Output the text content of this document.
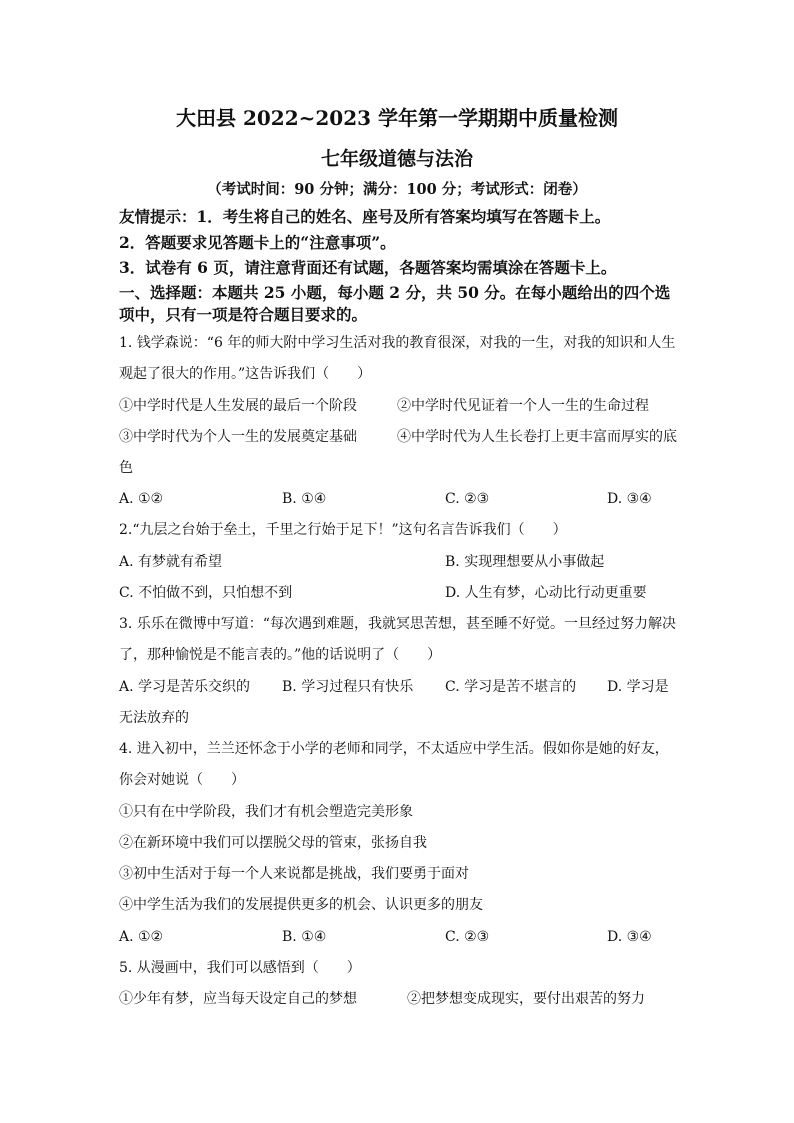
大田县 2022~2023 学年第一学期期中质量检测
七年级道德与法治
（考试时间：90 分钟；满分：100 分；考试形式：闭卷）
友情提示：1．考生将自己的姓名、座号及所有答案均填写在答题卡上。
2．答题要求见答题卡上的“注意事项”。
3．试卷有 6 页，请注意背面还有试题，各题答案均需填涂在答题卡上。
一、选择题：本题共 25 小题，每小题 2 分，共 50 分。在每小题给出的四个选
项中，只有一项是符合题目要求的。
1. 钱学森说：“6 年的师大附中学习生活对我的教育很深，对我的一生，对我的知识和人生
观起了很大的作用。”这告诉我们（　　）
①中学时代是人生发展的最后一个阶段	②中学时代见证着一个人一生的生命过程
③中学时代为个人一生的发展奠定基础	④中学时代为人生长卷打上更丰富而厚实的底
色
A. ①②	B. ①④	C. ②③	D. ③④
2.“九层之台始于垒土，千里之行始于足下！”这句名言告诉我们（　　）
A. 有梦就有希望	B. 实现理想要从小事做起
C. 不怕做不到，只怕想不到	D. 人生有梦，心动比行动更重要
3. 乐乐在微博中写道：“每次遇到难题，我就冥思苦想，甚至睡不好觉。一旦经过努力解决
了，那种愉悦是不能言表的。”他的话说明了（　　）
A. 学习是苦乐交织的 B. 学习过程只有快乐 C. 学习是苦不堪言的 D. 学习是
无法放弃的
4. 进入初中，兰兰还怀念于小学的老师和同学，不太适应中学生活。假如你是她的好友，
你会对她说（　　）
①只有在中学阶段，我们才有机会塑造完美形象
②在新环境中我们可以摆脱父母的管束，张扬自我
③初中生活对于每一个人来说都是挑战，我们要勇于面对
④中学生活为我们的发展提供更多的机会、认识更多的朋友
A. ①②	B. ①④	C. ②③	D. ③④
5. 从漫画中，我们可以感悟到（　　）
①少年有梦，应当每天设定自己的梦想	②把梦想变成现实，要付出艰苦的努力
